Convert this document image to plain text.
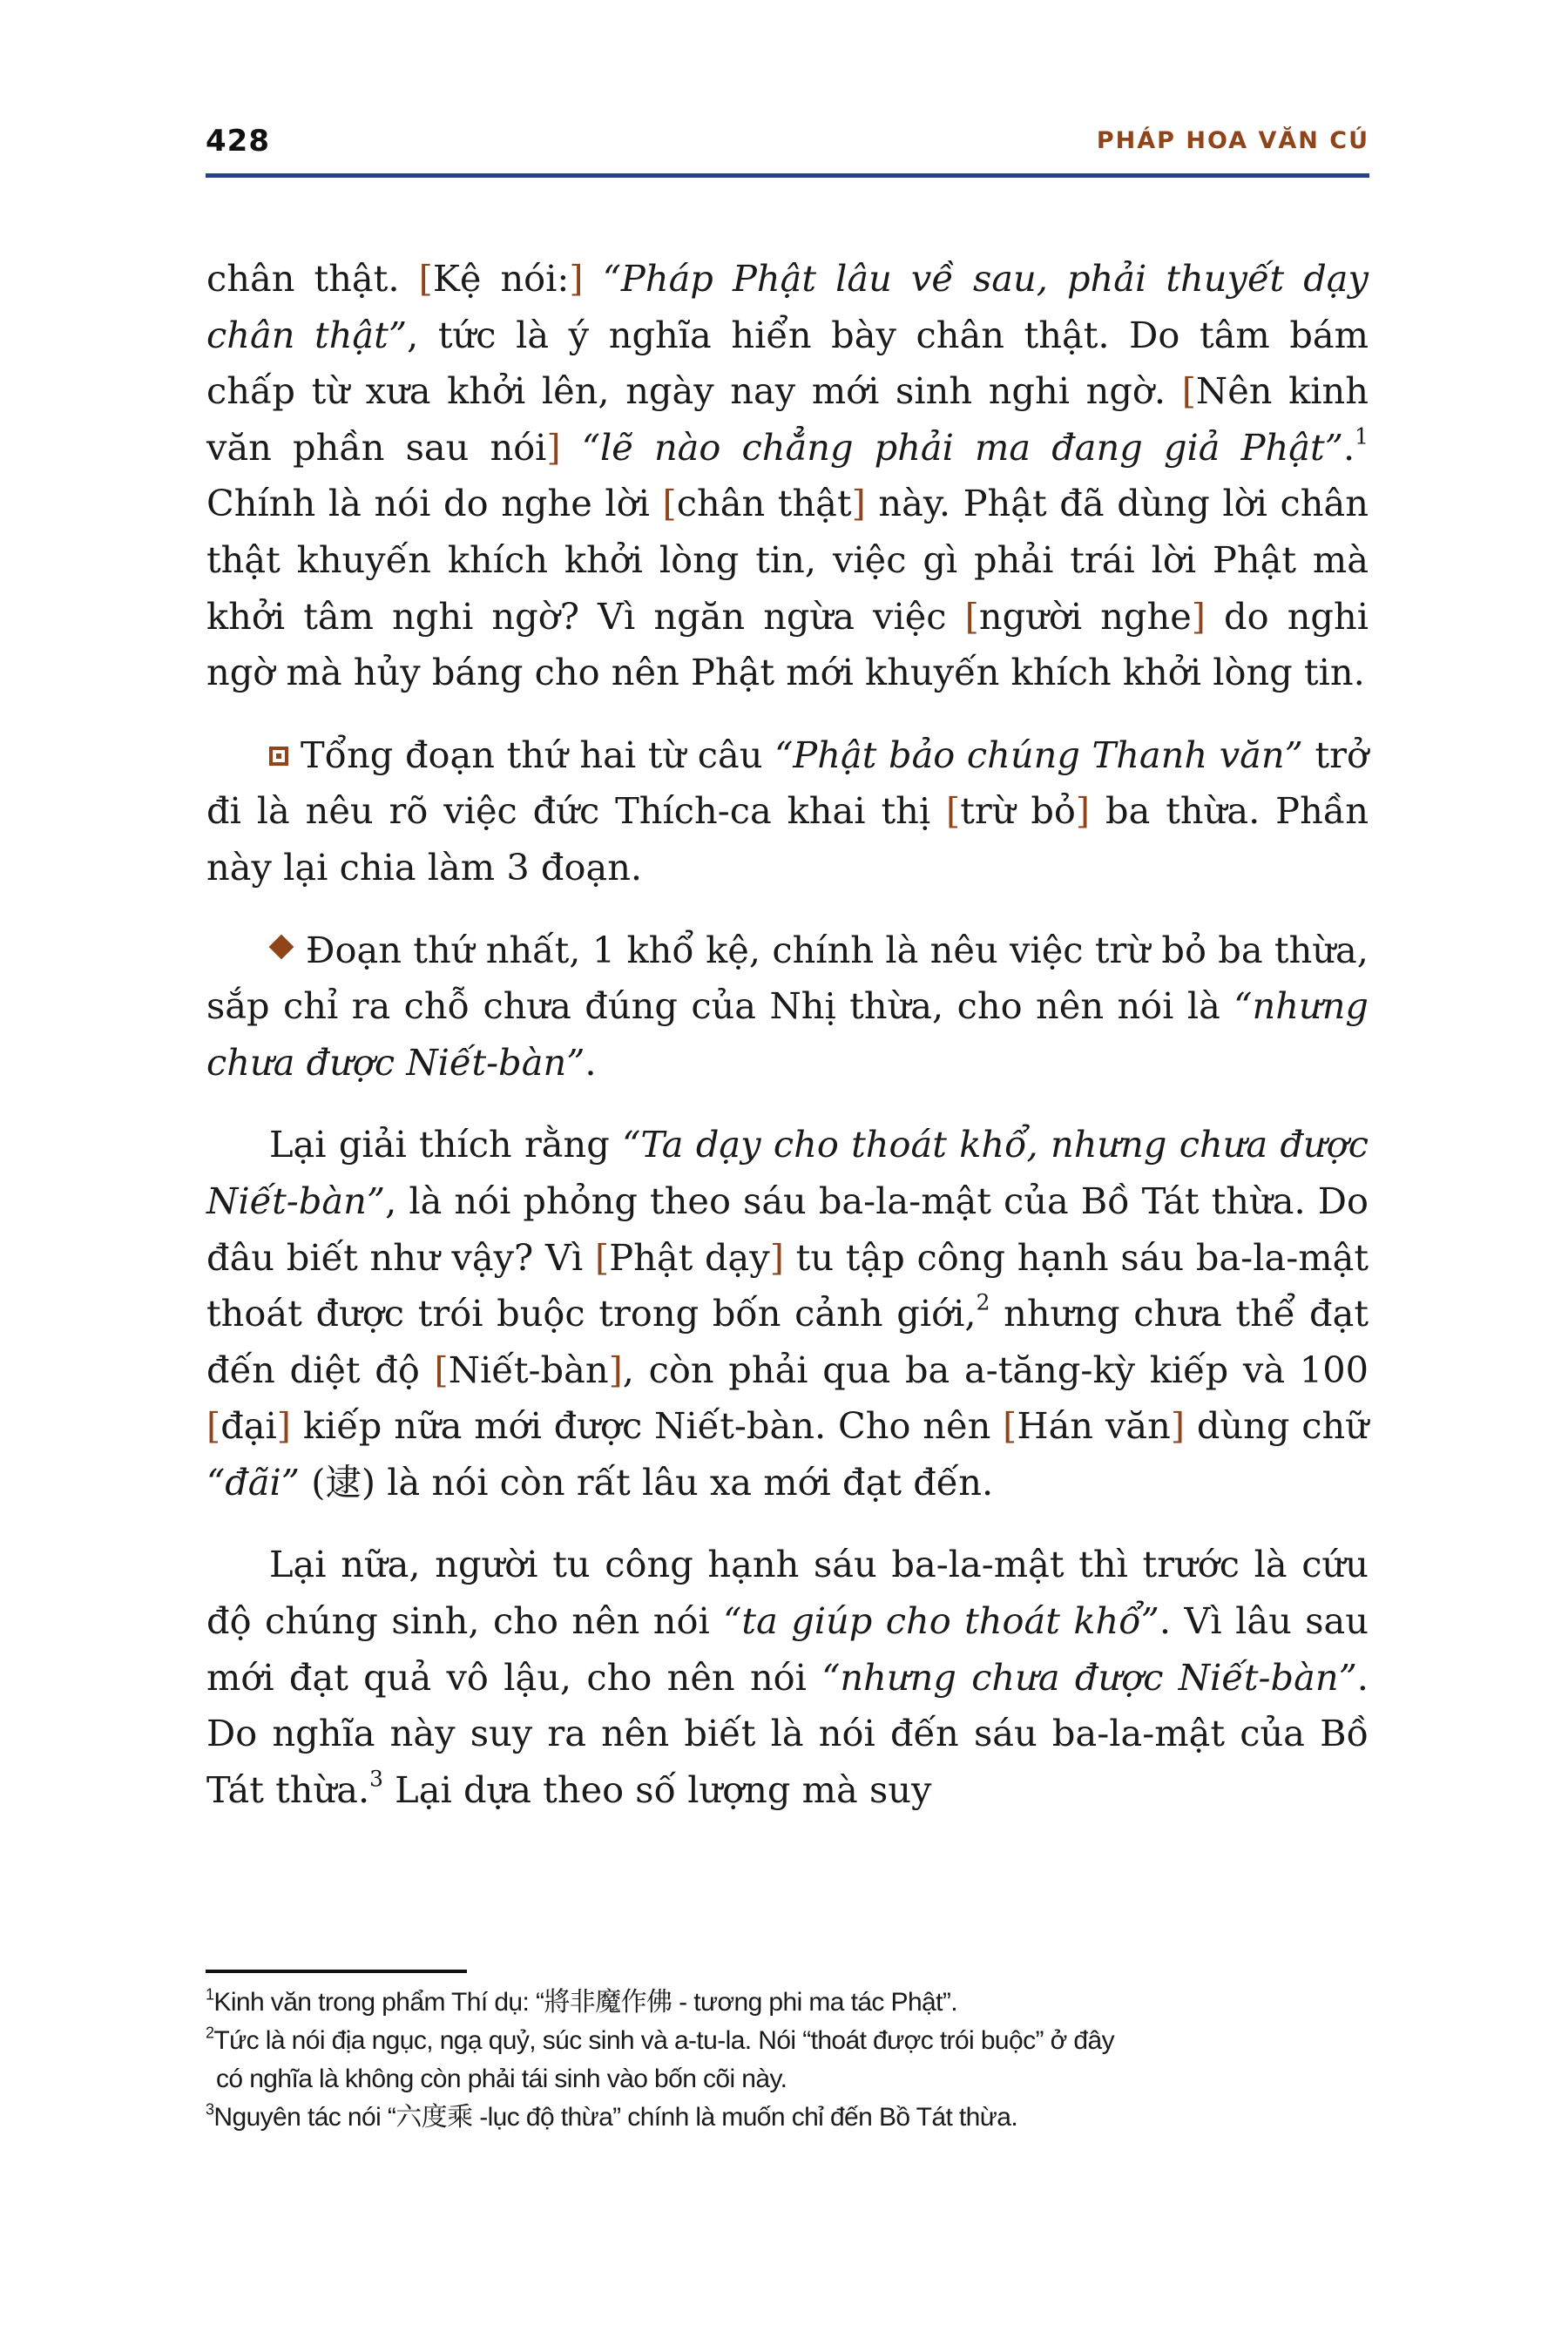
428	PHÁP HOA VĂN CÚ

chân thật. [Kệ nói:] “Pháp Phật lâu về sau, phải thuyết dạy chân thật”, tức là ý nghĩa hiển bày chân thật. Do tâm bám chấp từ xưa khởi lên, ngày nay mới sinh nghi ngờ. [Nên kinh văn phần sau nói] “lẽ nào chẳng phải ma đang giả Phật”.$^1$ Chính là nói do nghe lời [chân thật] này. Phật đã dùng lời chân thật khuyến khích khởi lòng tin, việc gì phải trái lời Phật mà khởi tâm nghi ngờ? Vì ngăn ngừa việc [người nghe] do nghi ngờ mà hủy báng cho nên Phật mới khuyến khích khởi lòng tin.

Tổng đoạn thứ hai từ câu “Phật bảo chúng Thanh văn” trở đi là nêu rõ việc đức Thích-ca khai thị [trừ bỏ] ba thừa. Phần này lại chia làm 3 đoạn.

Đoạn thứ nhất, 1 khổ kệ, chính là nêu việc trừ bỏ ba thừa, sắp chỉ ra chỗ chưa đúng của Nhị thừa, cho nên nói là “nhưng chưa được Niết-bàn”.

Lại giải thích rằng “Ta dạy cho thoát khổ, nhưng chưa được Niết-bàn”, là nói phỏng theo sáu ba-la-mật của Bồ Tát thừa. Do đâu biết như vậy? Vì [Phật dạy] tu tập công hạnh sáu ba-la-mật thoát được trói buộc trong bốn cảnh giới,$^2$ nhưng chưa thể đạt đến diệt độ [Niết-bàn], còn phải qua ba a-tăng-kỳ kiếp và 100 [đại] kiếp nữa mới được Niết-bàn. Cho nên [Hán văn] dùng chữ “đãi” (逮) là nói còn rất lâu xa mới đạt đến.

Lại nữa, người tu công hạnh sáu ba-la-mật thì trước là cứu độ chúng sinh, cho nên nói “ta giúp cho thoát khổ”. Vì lâu sau mới đạt quả vô lậu, cho nên nói “nhưng chưa được Niết-bàn”. Do nghĩa này suy ra nên biết là nói đến sáu ba-la-mật của Bồ Tát thừa.$^3$ Lại dựa theo số lượng mà suy

$^1$Kinh văn trong phẩm Thí dụ: “將非魔作佛 - tương phi ma tác Phật”.

$^2$Tức là nói địa ngục, ngạ quỷ, súc sinh và a-tu-la. Nói “thoát được trói buộc” ở đây
có nghĩa là không còn phải tái sinh vào bốn cõi này.

$^3$Nguyên tác nói “六度乘 -lục độ thừa” chính là muốn chỉ đến Bồ Tát thừa.
